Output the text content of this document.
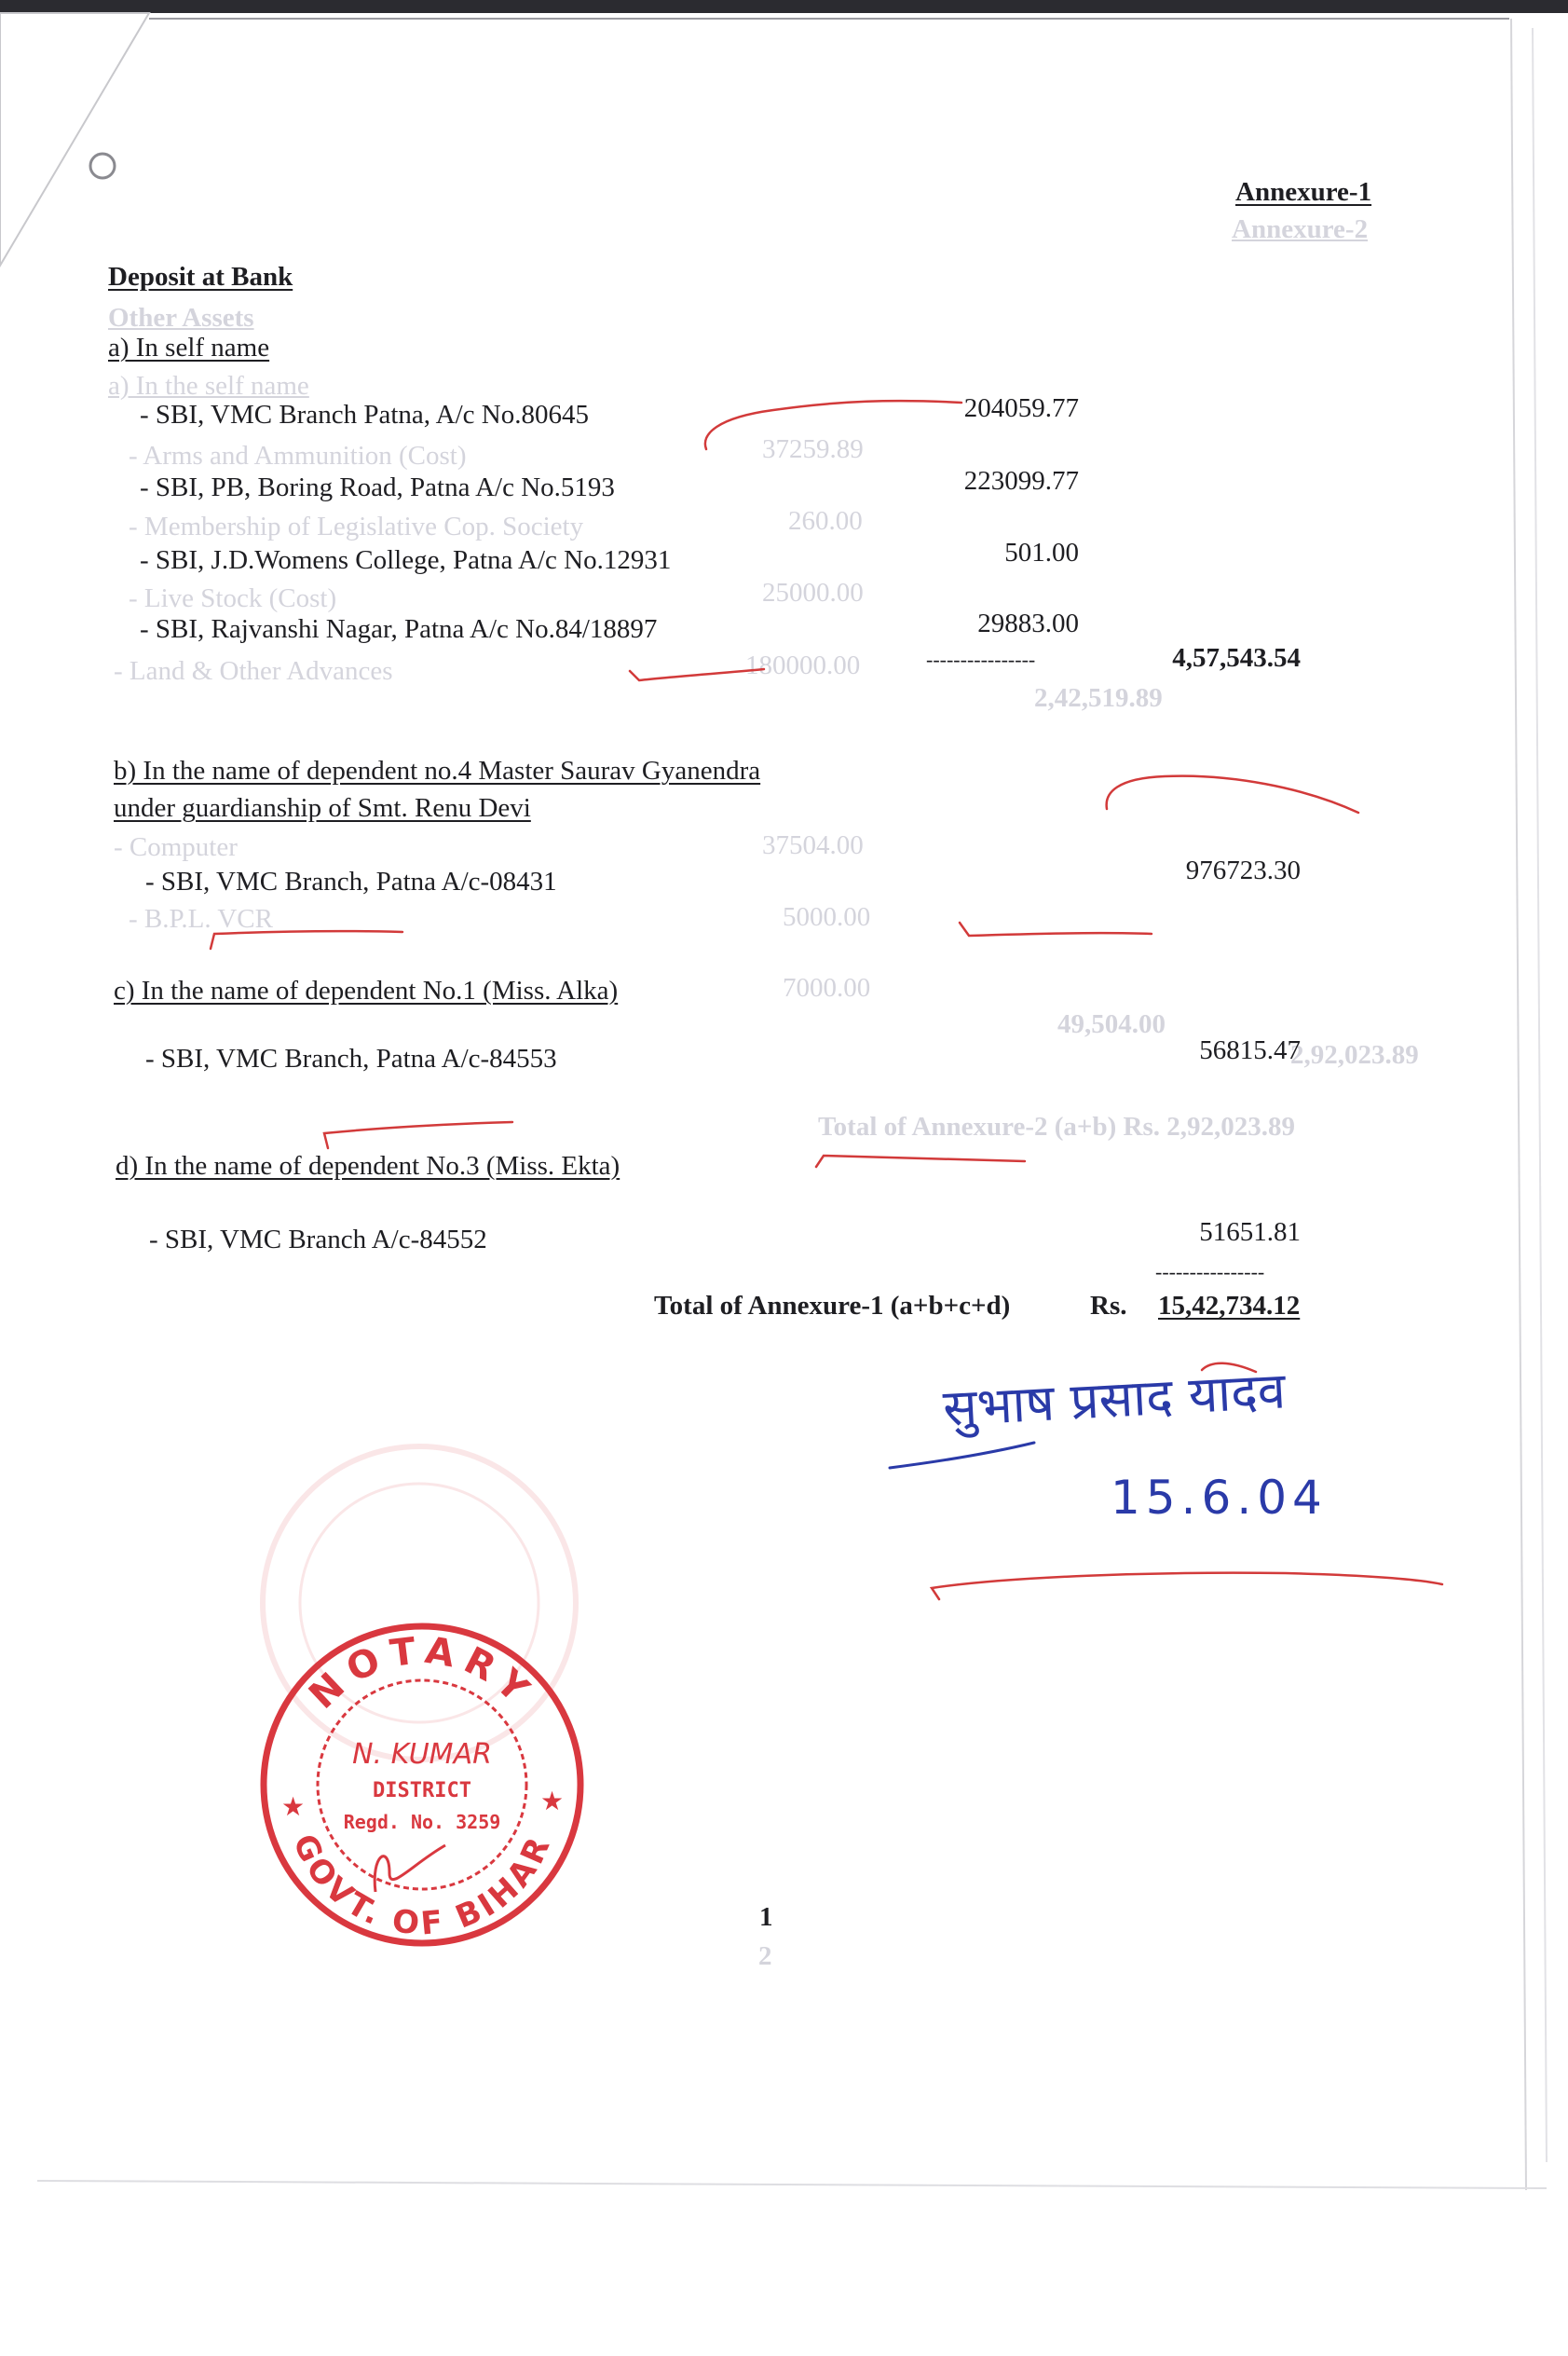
Annexure-2
Other Assets
a) In the self name
- Arms and Ammunition (Cost)	37259.89
- Membership of Legislative Cop. Society	260.00
- Live Stock (Cost)	25000.00
- Land & Other Advances	180000.00
2,42,519.89
- Computer	37504.00
- B.P.L. VCR	5000.00
7000.00
49,504.00
2,92,023.89
Total of Annexure-2 (a+b) Rs. 2,92,023.89
2
Annexure-1
Deposit at Bank
a) In self name
- SBI, VMC Branch Patna, A/c No.80645	204059.77
- SBI, PB, Boring Road, Patna A/c No.5193	223099.77
- SBI, J.D.Womens College, Patna A/c No.12931	501.00
- SBI, Rajvanshi Nagar, Patna A/c No.84/18897	29883.00
----------------	4,57,543.54
b) In the name of dependent no.4 Master Saurav Gyanendra
under guardianship of Smt. Renu Devi
- SBI, VMC Branch, Patna A/c-08431	976723.30
c) In the name of dependent No.1 (Miss. Alka)
- SBI, VMC Branch, Patna A/c-84553	56815.47
d) In the name of dependent No.3 (Miss. Ekta)
- SBI, VMC Branch A/c-84552	51651.81
----------------
Total of Annexure-1 (a+b+c+d)	Rs. 15,42,734.12
1
सुभाष प्रसाद यादव
15.6.04
NOTARY
GOVT. OF BIHAR
N. KUMAR
DISTRICT
Regd. No. 3259
★	★
